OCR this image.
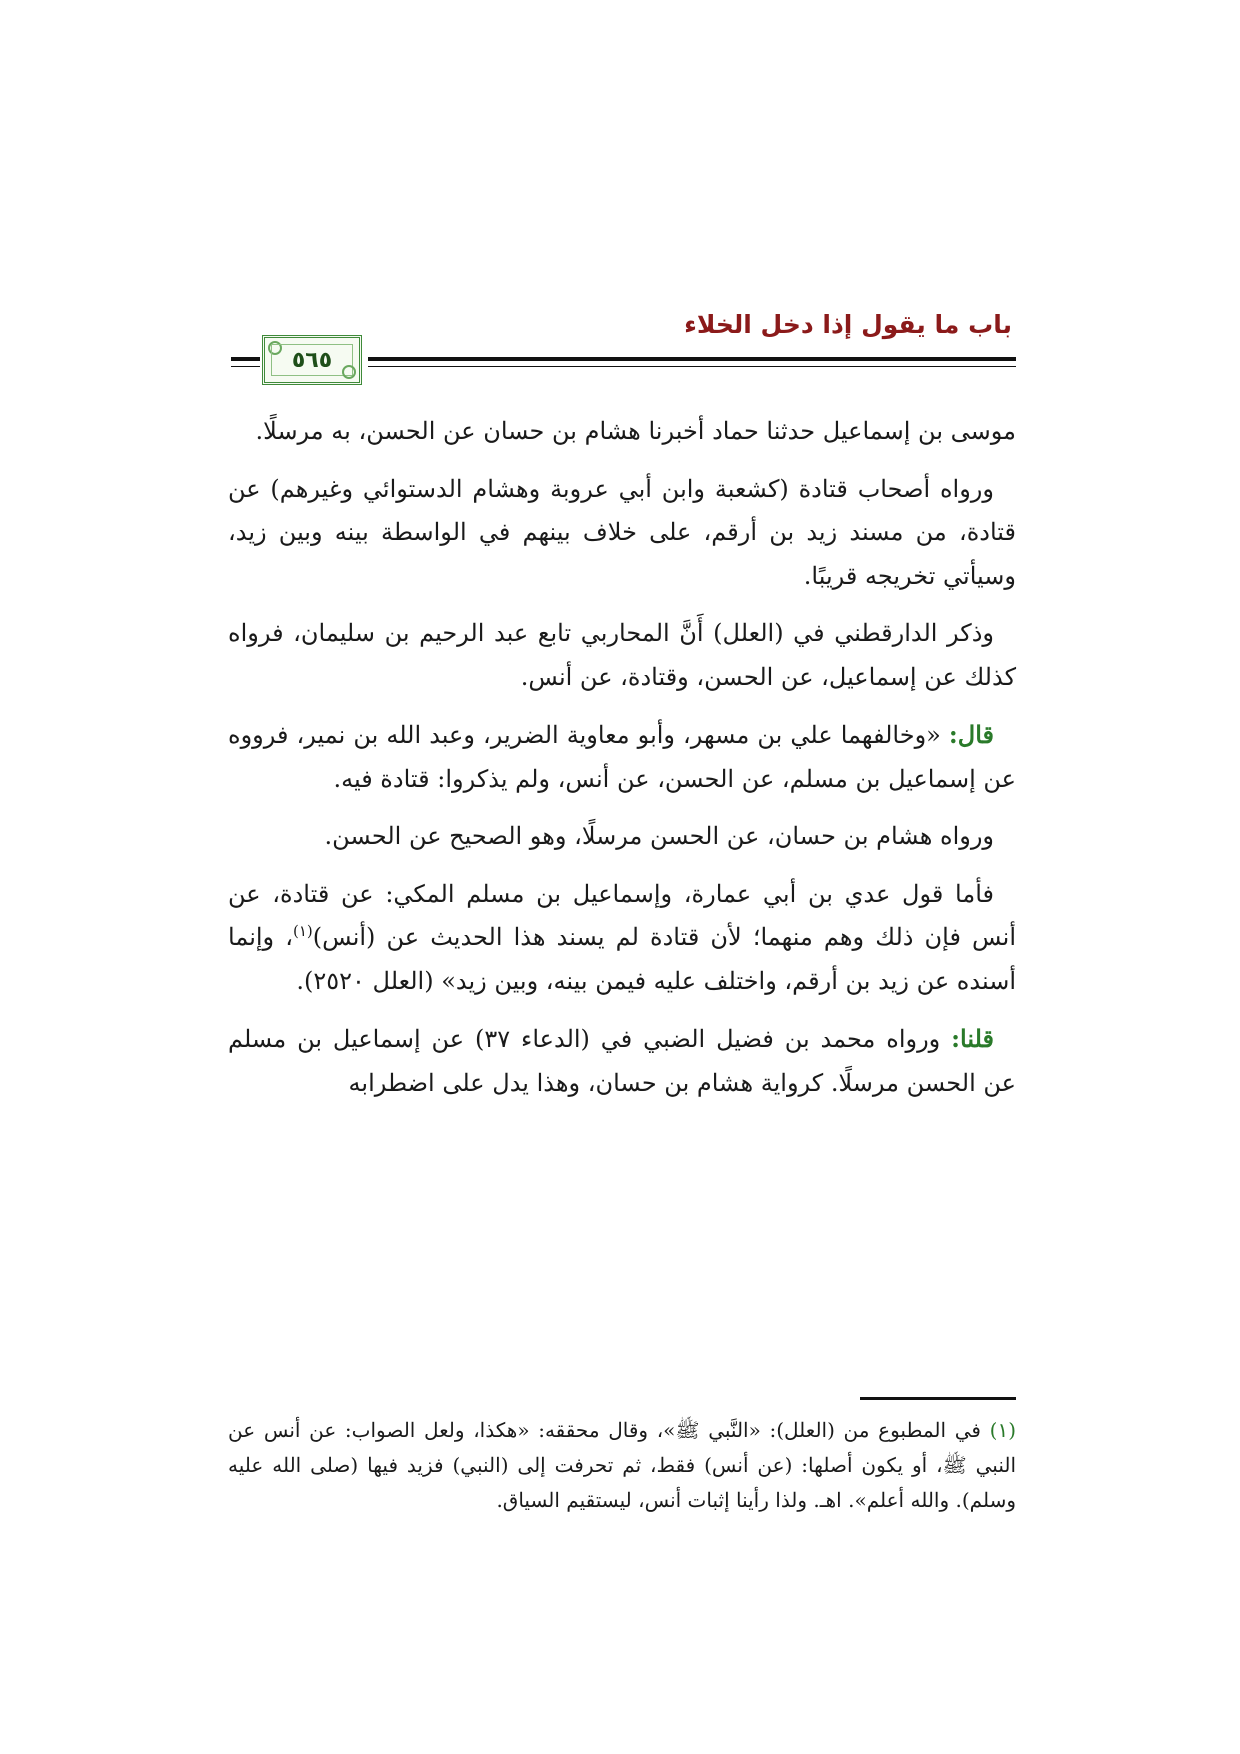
باب ما يقول إذا دخل الخلاء
٥٦٥

موسى بن إسماعيل حدثنا حماد أخبرنا هشام بن حسان عن الحسن، به مرسلًا.

ورواه أصحاب قتادة (كشعبة وابن أبي عروبة وهشام الدستوائي وغيرهم) عن قتادة، من مسند زيد بن أرقم، على خلاف بينهم في الواسطة بينه وبين زيد، وسيأتي تخريجه قريبًا.

وذكر الدارقطني في (العلل) أَنَّ المحاربي تابع عبد الرحيم بن سليمان، فرواه كذلك عن إسماعيل، عن الحسن، وقتادة، عن أنس.

قال: «وخالفهما علي بن مسهر، وأبو معاوية الضرير، وعبد الله بن نمير، فرووه عن إسماعيل بن مسلم، عن الحسن، عن أنس، ولم يذكروا: قتادة فيه.

ورواه هشام بن حسان، عن الحسن مرسلًا، وهو الصحيح عن الحسن.

فأما قول عدي بن أبي عمارة، وإسماعيل بن مسلم المكي: عن قتادة، عن أنس فإن ذلك وهم منهما؛ لأن قتادة لم يسند هذا الحديث عن (أنس)$^{(١)}$، وإنما أسنده عن زيد بن أرقم، واختلف عليه فيمن بينه، وبين زيد» (العلل ٢٥٢٠).

قلنا: ورواه محمد بن فضيل الضبي في (الدعاء ٣٧) عن إسماعيل بن مسلم عن الحسن مرسلًا. كرواية هشام بن حسان، وهذا يدل على اضطرابه

(١) في المطبوع من (العلل): «النَّبي ﷺ»، وقال محققه: «هكذا، ولعل الصواب: عن أنس عن النبي ﷺ، أو يكون أصلها: (عن أنس) فقط، ثم تحرفت إلى (النبي) فزيد فيها (صلى الله عليه وسلم). والله أعلم». اهـ. ولذا رأينا إثبات أنس، ليستقيم السياق.
